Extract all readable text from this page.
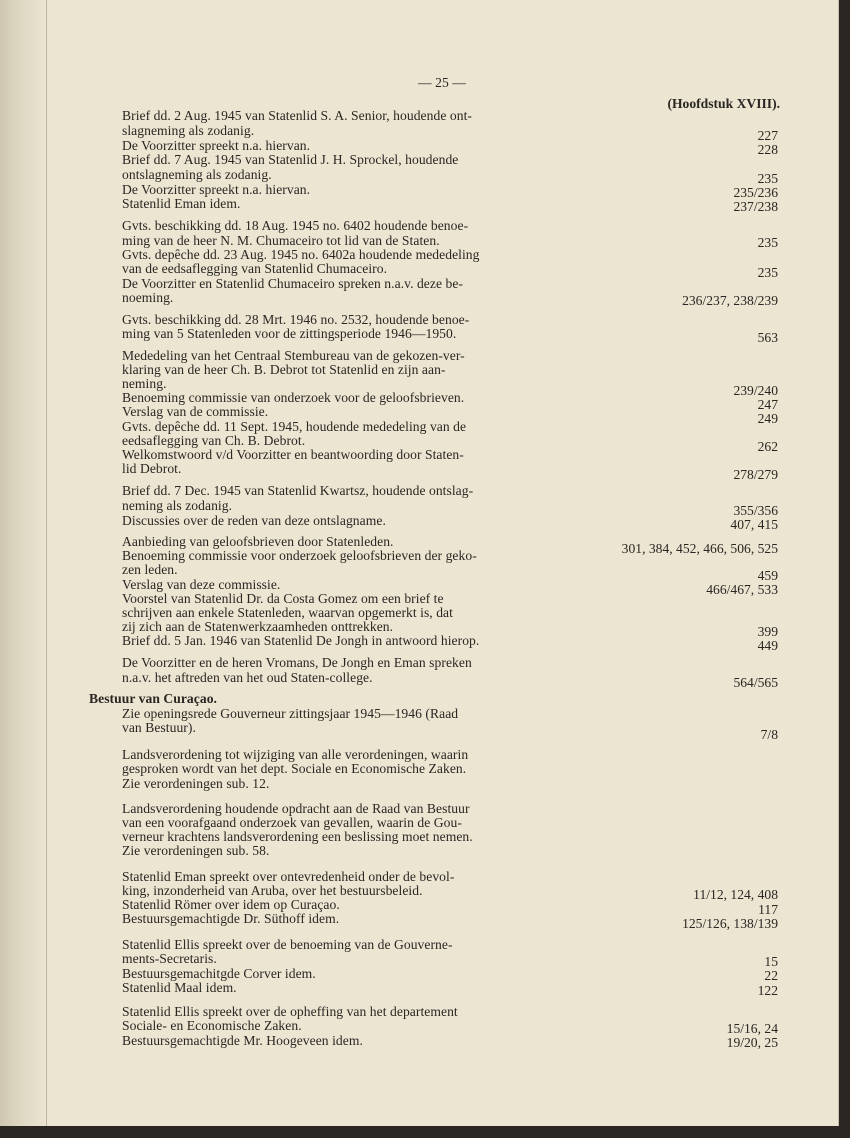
— 25 —
(Hoofdstuk XVIII).
Brief dd. 2 Aug. 1945 van Statenlid S. A. Senior, houdende ont-
slagneming als zodanig.
De Voorzitter spreekt n.a. hiervan.
Brief dd. 7 Aug. 1945 van Statenlid J. H. Sprockel, houdende
ontslagneming als zodanig.
De Voorzitter spreekt n.a. hiervan.
Statenlid Eman idem.
Gvts. beschikking dd. 18 Aug. 1945 no. 6402 houdende benoe-
ming van de heer N. M. Chumaceiro tot lid van de Staten.
Gvts. depêche dd. 23 Aug. 1945 no. 6402a houdende mededeling
van de eedsaflegging van Statenlid Chumaceiro.
De Voorzitter en Statenlid Chumaceiro spreken n.a.v. deze be-
noeming.
Gvts. beschikking dd. 28 Mrt. 1946 no. 2532, houdende benoe-
ming van 5 Statenleden voor de zittingsperiode 1946—1950.
Mededeling van het Centraal Stembureau van de gekozen-ver-
klaring van de heer Ch. B. Debrot tot Statenlid en zijn aan-
neming.
Benoeming commissie van onderzoek voor de geloofsbrieven.
Verslag van de commissie.
Gvts. depêche dd. 11 Sept. 1945, houdende mededeling van de
eedsaflegging van Ch. B. Debrot.
Welkomstwoord v/d Voorzitter en beantwoording door Staten-
lid Debrot.
Brief dd. 7 Dec. 1945 van Statenlid Kwartsz, houdende ontslag-
neming als zodanig.
Discussies over de reden van deze ontslagname.
Aanbieding van geloofsbrieven door Statenleden.
Benoeming commissie voor onderzoek geloofsbrieven der geko-
zen leden.
Verslag van deze commissie.
Voorstel van Statenlid Dr. da Costa Gomez om een brief te
schrijven aan enkele Statenleden, waarvan opgemerkt is, dat
zij zich aan de Statenwerkzaamheden onttrekken.
Brief dd. 5 Jan. 1946 van Statenlid De Jongh in antwoord hierop.
De Voorzitter en de heren Vromans, De Jongh en Eman spreken
n.a.v. het aftreden van het oud Staten-college.
Bestuur van Curaçao.
Zie openingsrede Gouverneur zittingsjaar 1945—1946 (Raad
van Bestuur).
Landsverordening tot wijziging van alle verordeningen, waarin
gesproken wordt van het dept. Sociale en Economische Zaken.
Zie verordeningen sub. 12.
Landsverordening houdende opdracht aan de Raad van Bestuur
van een voorafgaand onderzoek van gevallen, waarin de Gou-
verneur krachtens landsverordening een beslissing moet nemen.
Zie verordeningen sub. 58.
Statenlid Eman spreekt over ontevredenheid onder de bevol-
king, inzonderheid van Aruba, over het bestuursbeleid.
Statenlid Römer over idem op Curaçao.
Bestuursgemachtigde Dr. Süthoff idem.
Statenlid Ellis spreekt over de benoeming van de Gouverne-
ments-Secretaris.
Bestuursgemachitgde Corver idem.
Statenlid Maal idem.
Statenlid Ellis spreekt over de opheffing van het departement
Sociale- en Economische Zaken.
Bestuursgemachtigde Mr. Hoogeveen idem.
227
228
235
235/236
237/238
235
235
236/237, 238/239
563
239/240
247
249
262
278/279
355/356
407, 415
301, 384, 452, 466, 506, 525
459
466/467, 533
399
449
564/565
7/8
11/12, 124, 408
117
125/126, 138/139
15
22
122
15/16, 24
19/20, 25
